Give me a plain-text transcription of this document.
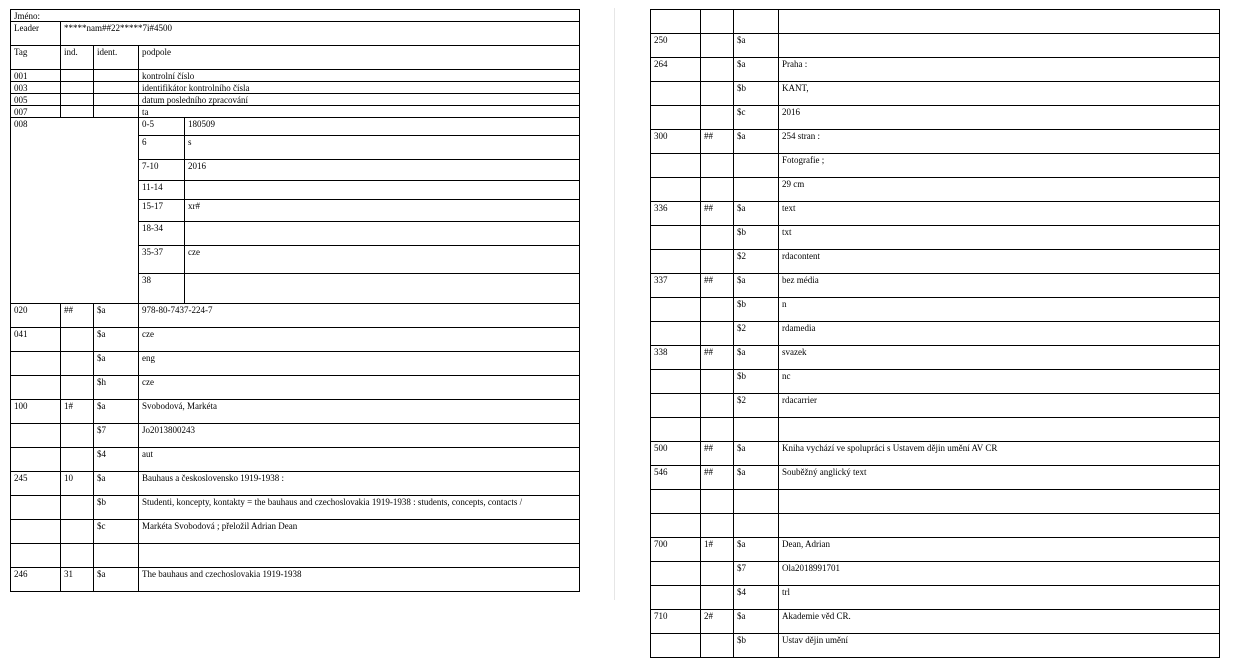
Jméno:				
Leader	*****nam##22*****7i#4500			
Tag	ind.	ident.	podpole	
001			kontrolní číslo	
003			identifikátor kontrolního čísla	
005			datum posledního zpracování	
007			ta	
008			0-5	180509
			6	s
			7-10	2016
			11-14	
			15-17	xr#
			18-34	
			35-37	cze
			38	
020	##	$a	978-80-7437-224-7	
041		$a	cze	
		$a	eng	
		$h	cze	
100	1#	$a	Svobodová, Markéta	
		$7	Jo2013800243	
		$4	aut	
245	10	$a	Bauhaus a československo 1919-1938 :	
		$b	Studenti, koncepty, kontakty = the bauhaus and czechoslovakia 1919-1938 : students, concepts, contacts /	
		$c	Markéta Svobodová ; přeložil Adrian Dean	

246	31	$a	The bauhaus and czechoslovakia 1919-1938	

250		$a	
264		$a	Praha :
		$b	KANT,
		$c	2016
300	##	$a	254 stran :
			Fotografie ;
			29 cm
336	##	$a	text
		$b	txt
		$2	rdacontent
337	##	$a	bez média
		$b	n
		$2	rdamedia
338	##	$a	svazek
		$b	nc
		$2	rdacarrier

500	##	$a	Kniha vychází ve spolupráci s Ustavem dějin umění AV CR
546	##	$a	Souběžný anglický text

700	1#	$a	Dean, Adrian
		$7	Ola2018991701
		$4	trl
710	2#	$a	Akademie věd CR.
		$b	Ustav dějin umění
